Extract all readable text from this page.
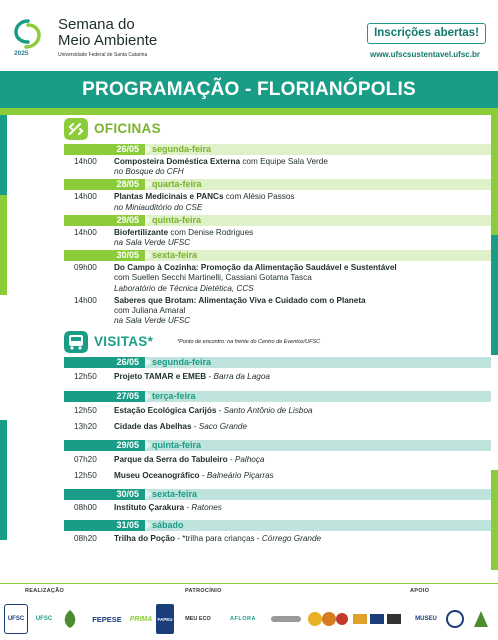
2025
Semana do
Meio Ambiente
Universidade Federal de Santa Catarina
Inscrições abertas!
www.ufscsustentavel.ufsc.br
PROGRAMAÇÃO - FLORIANÓPOLIS
OFICINAS
26/05	segunda-feira
14h00	Composteira Doméstica Externa com Equipe Sala Verde
no Bosque do CFH
28/05	quarta-feira
14h00	Plantas Medicinais e PANCs com Alésio Passos
no Miniauditório do CSE
29/05	quinta-feira
14h00	Biofertilizante com Denise Rodrigues
na Sala Verde UFSC
30/05	sexta-feira
09h00	Do Campo à Cozinha: Promoção da Alimentação Saudável e Sustentável
com Suellen Secchi Martinelli, Cassiani Gotama Tasca
Laboratório de Técnica Dietética, CCS
14h00	Saberes que Brotam: Alimentação Viva e Cuidado com o Planeta
com Juliana Amaral
na Sala Verde UFSC
VISITAS*	*Ponto de encontro: na frente do Centro de Eventos/UFSC
26/05	segunda-feira
12h50	Projeto TAMAR e EMEB - Barra da Lagoa
27/05	terça-feira
12h50	Estação Ecológica Carijós - Santo Antônio de Lisboa
13h20	Cidade das Abelhas - Saco Grande
29/05	quinta-feira
07h20	Parque da Serra do Tabuleiro - Palhoça
12h50	Museu Oceanográfico - Balneário Piçarras
30/05	sexta-feira
08h00	Instituto Çarakura - Ratones
31/05	sábado
08h20	Trilha do Poção - *trilha para crianças - Córrego Grande
REALIZAÇÃO	PATROCÍNIO	APOIO
UFSC	UFSC	FEPESE	PRIMA	FAPEU	MEU ECO	AFLORA	MUSEU
